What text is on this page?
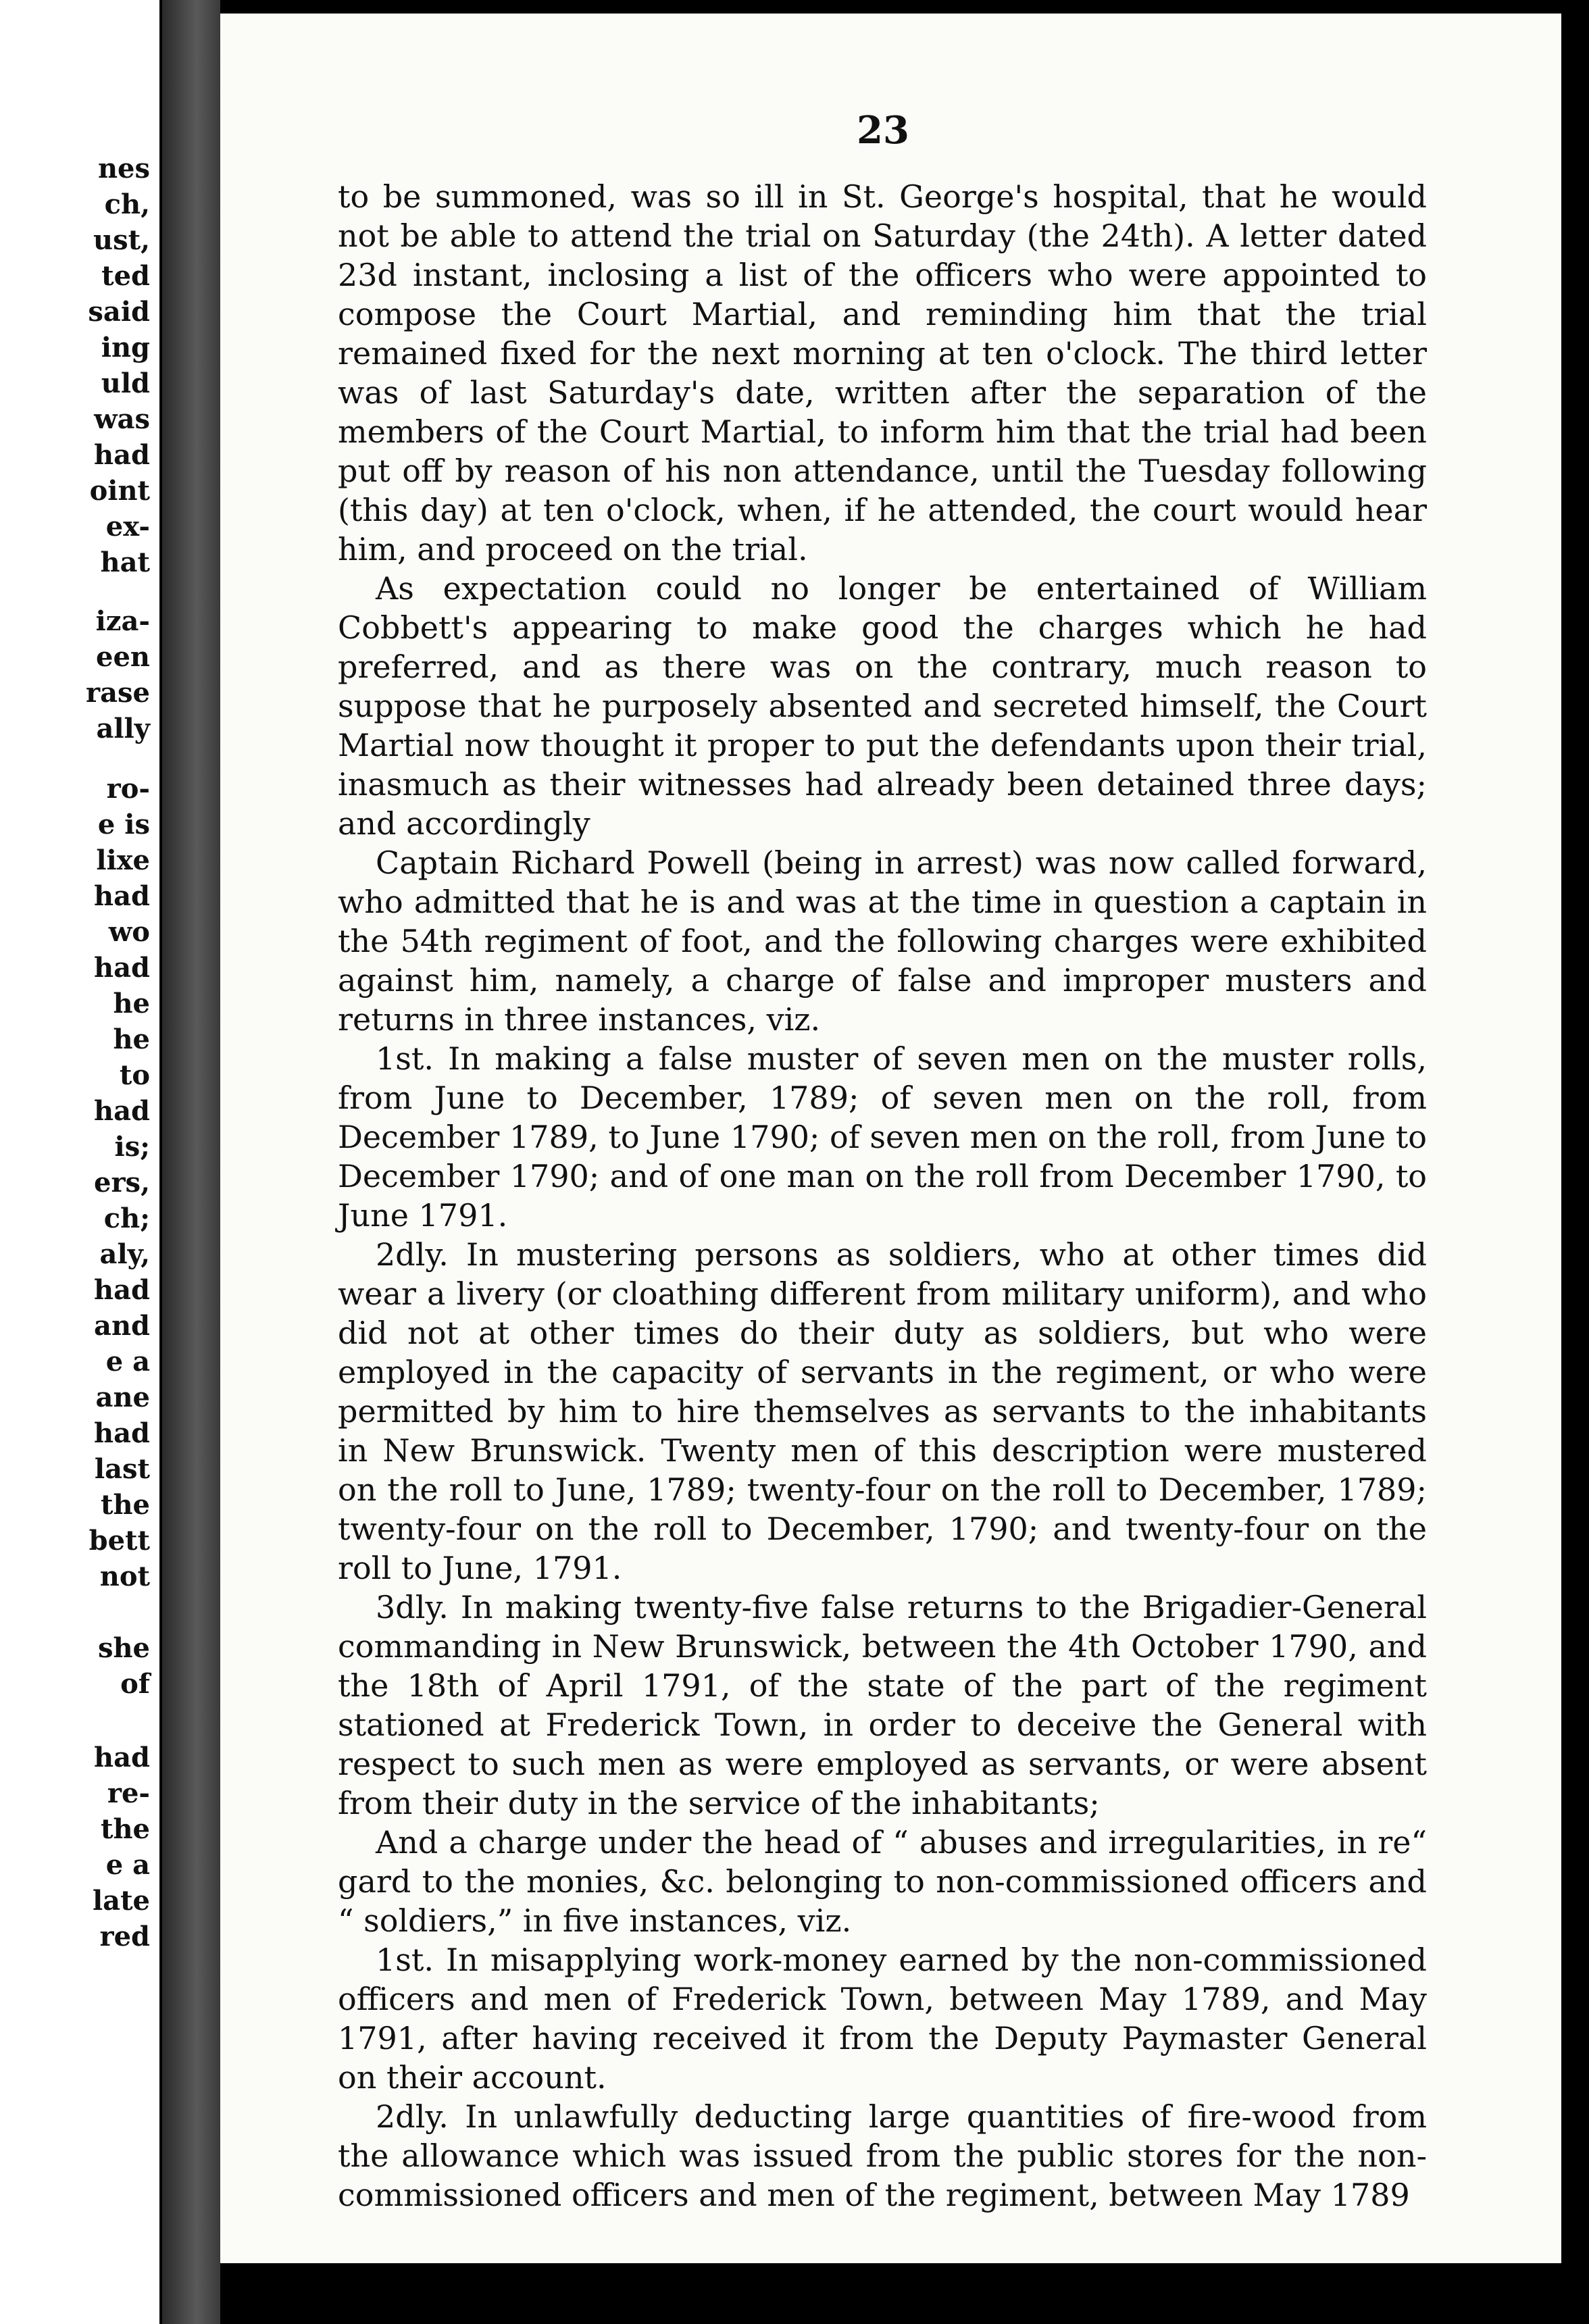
nes
ch,
ust,
ted
said
ing
uld
was
had
oint
ex-
hat
iza-
een
rase
ally
ro-
e is
lixe
had
wo
had
he
he
to
had
is;
ers,
ch;
aly,
had
and
e a
ane
had
last
the
bett
not
she
of
had
re-
the
e a
late
red
23

to be summoned, was so ill in St. George's hospital, that he would not be able to attend the trial on Saturday (the 24th). A letter dated 23d instant, inclosing a list of the officers who were appointed to compose the Court Martial, and reminding him that the trial remained fixed for the next morning at ten o'clock. The third letter was of last Saturday's date, written after the separation of the members of the Court Martial, to inform him that the trial had been put off by reason of his non attendance, until the Tuesday following (this day) at ten o'clock, when, if he attended, the court would hear him, and proceed on the trial.

As expectation could no longer be entertained of William Cobbett's appearing to make good the charges which he had preferred, and as there was on the contrary, much reason to suppose that he purposely absented and secreted himself, the Court Martial now thought it proper to put the defendants upon their trial, inasmuch as their witnesses had already been detained three days; and accordingly

Captain Richard Powell (being in arrest) was now called forward, who admitted that he is and was at the time in question a captain in the 54th regiment of foot, and the following charges were exhibited against him, namely, a charge of false and improper musters and returns in three instances, viz.

1st. In making a false muster of seven men on the muster rolls, from June to December, 1789; of seven men on the roll, from December 1789, to June 1790; of seven men on the roll, from June to December 1790; and of one man on the roll from December 1790, to June 1791.

2dly. In mustering persons as soldiers, who at other times did wear a livery (or cloathing different from military uniform), and who did not at other times do their duty as soldiers, but who were employed in the capacity of servants in the regiment, or who were permitted by him to hire themselves as servants to the inhabitants in New Brunswick. Twenty men of this description were mustered on the roll to June, 1789; twenty-four on the roll to December, 1789; twenty-four on the roll to December, 1790; and twenty-four on the roll to June, 1791.

3dly. In making twenty-five false returns to the Brigadier-General commanding in New Brunswick, between the 4th October 1790, and the 18th of April 1791, of the state of the part of the regiment stationed at Frederick Town, in order to deceive the General with respect to such men as were employed as servants, or were absent from their duty in the service of the inhabitants;

And a charge under the head of “ abuses and irregularities, in re“ gard to the monies, &c. belonging to non-commissioned officers and “ soldiers,” in five instances, viz.

1st. In misapplying work-money earned by the non-commissioned officers and men of Frederick Town, between May 1789, and May 1791, after having received it from the Deputy Paymaster General on their account.

2dly. In unlawfully deducting large quantities of fire-wood from the allowance which was issued from the public stores for the non-commissioned officers and men of the regiment, between May 1789
